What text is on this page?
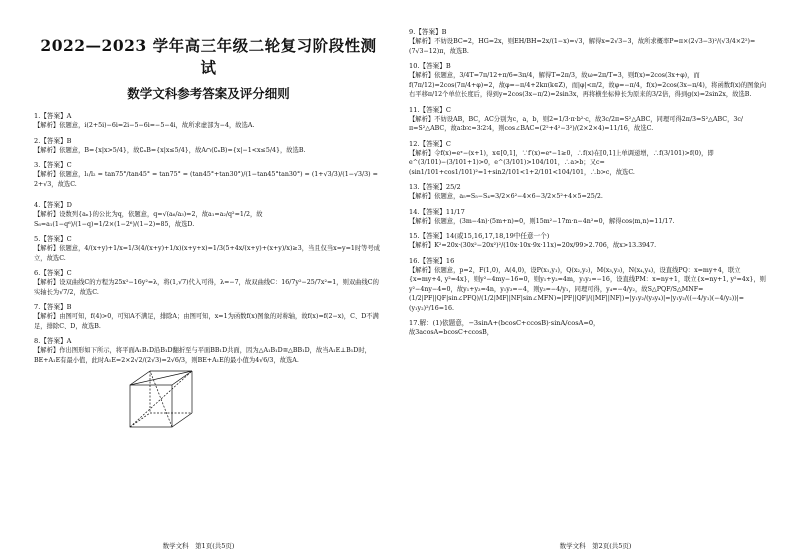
2022—2023 学年高三年级二轮复习阶段性测试
数学文科参考答案及评分细则
1.【答案】A
【解析】依题意，i(2+5i)−6i=2i−5−6i=−5−4i，故所求虚部为−4，故选A.
2.【答案】B
【解析】依题意，B={x|x>5/4}，故∁ₙB={x|x≤5/4}，故A∩(∁ₙB)={x|−1<x≤5/4}，故选B.
3.【答案】C
【解析】依题意，l₁/l₂ = tan75°/tan45° = tan75° = (tan45°+tan30°)/(1−tan45°tan30°) = (1+√3/3)/(1−√3/3) = 2+√3，故选C.
4.【答案】D
【解析】设数列{aₙ}的公比为q，依题意，q=√(a₆/a₃)=2，故a₁=a₂/q²=1/2，故S₆=a₁(1−q⁶)/(1−q)=1/2×(1−2⁶)/(1−2)=85，故选D.
5.【答案】C
【解析】依题意，4/(x+y)+1/x=1/3(4/(x+y)+1/x)(x+y+x)=1/3(5+4x/(x+y)+(x+y)/x)≥3，当且仅当x=y=1时等号成立，故选C.
6.【答案】C
【解析】设双曲线C的方程为25x²−16y²=λ，将(1,√7)代入可得，λ=−7，故双曲线C：16/7y²−25/7x²=1，则双曲线C的实轴长为√7/2，故选C.
7.【答案】B
【解析】由图可知，f(4)>0，可知A不满足，排除A；由图可知，x=1为函数f(x)图象的对称轴，故f(x)=f(2−x)，C、D不满足，排除C、D，故选B.
8.【答案】A
【解析】作出图形如下所示，将平面A₁B₁D沿B₁D翻折至与平面BB₁D共面，因为△A₁B₁D≅△BB₁D，故当A₁E⊥B₁D时，BE+A₁E有最小值，此时A₁E=2×2√2/(2√3)=2√6/3，则BE+A₁E的最小值为4√6/3，故选A.
数学文科　第1页(共5页)
9.【答案】B
【解析】不妨设BC=2，HG=2x，则EH/BH=2x/(1−x)=√3，解得x=2√3−3，故所求概率P=π×(2√3−3)²/(√3/4×2²)=(7√3−12)π，故选B.
10.【答案】B
【解析】依题意，3/4T=7π/12+π/6=3π/4，解得T=2π/3，故ω=2π/T=3，则f(x)=2cos(3x+φ)，而f(7π/12)=2cos(7π/4+φ)=2，故φ=−π/4+2kπ(k∈Z)，而|φ|<π/2，故φ=−π/4，f(x)=2cos(3x−π/4)，将函数f(x)的图象向右平移π/12个单位长度后，得到y=2cos(3x−π/2)=2sin3x，再将横坐标伸长为原来的3/2倍，得到g(x)=2sin2x，故选B.
11.【答案】C
【解析】不妨设AB，BC，AC分别为c，a，b，则2=1/3·π·b²·c，故3c/2π=S²△ABC，同理可得2π/3=S²△ABC，3c/π=S²△ABC，故a∶b∶c=3∶2∶4，则cos∠BAC=(2²+4²−3²)/(2×2×4)=11/16，故选C.
12.【答案】C
【解析】令f(x)=eˣ−(x+1)，x∈[0,1]，∵f′(x)=eˣ−1≥0，∴f(x)在[0,1]上单调递增，∴f(3/101)>f(0)，即e^(3/101)−(3/101+1)>0，e^(3/101)>104/101，∴a>b；又c=(sin1/101+cos1/101)²=1+sin2/101<1+2/101<104/101，∴b>c，故选C.
13.【答案】25/2
【解析】依题意，a₅=S₅−S₄=3/2×6²−4×6−3/2×5²+4×5=25/2.
14.【答案】11/17
【解析】依题意，(3m−4n)·(5m+n)=0，则15m²−17m·n−4n²=0，解得cos⟨m,n⟩=11/17.
15.【答案】14(或15,16,17,18,19中任意一个)
【解析】K²=20x·(30x²−20x²)²/(10x·10x·9x·11x)=20x/99>2.706，故x>13.3947.
16.【答案】16
【解析】依题意，p=2，F(1,0)，A(4,0)，设P(x₁,y₁)，Q(x₂,y₂)，M(x₃,y₃)，N(x₄,y₄)，设直线PQ：x=my+4，联立{x=my+4, y²=4x}，则y²−4my−16=0，则y₁+y₂=4m，y₁y₂=−16，设直线PM：x=ny+1，联立{x=ny+1, y²=4x}，则y²−4ny−4=0，故y₁+y₃=4n，y₁y₃=−4，则y₃=−4/y₁，同理可得，y₄=−4/y₂，故S△PQF/S△MNF=(1/2|PF||QF|sin∠PFQ)/(1/2|MF||NF|sin∠MFN)=|PF||QF|/(|MF||NF|)=|y₁y₂/(y₃y₄)|=|y₁y₂/((−4/y₁)(−4/y₂))|=(y₁y₂)²/16=16.
17.解：(1)依题意，−3sinA+(bcosC+ccosB)·sinA/cosA=0，
故3acosA=bcosC+ccosB，
数学文科　第2页(共5页)
